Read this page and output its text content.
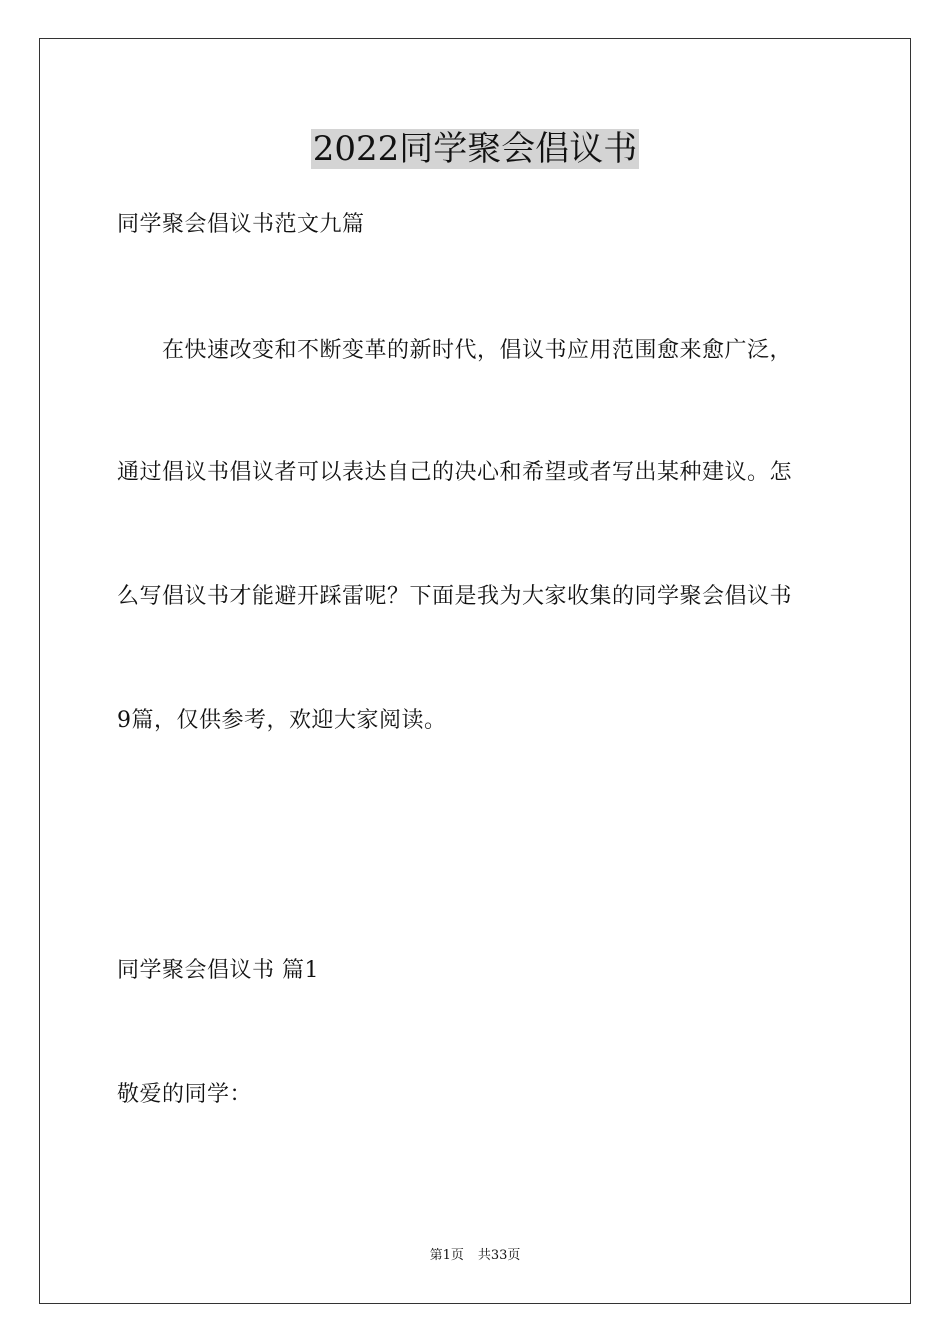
2022同学聚会倡议书
同学聚会倡议书范文九篇
　　在快速改变和不断变革的新时代，倡议书应用范围愈来愈广泛，
通过倡议书倡议者可以表达自己的决心和希望或者写出某种建议。怎
么写倡议书才能避开踩雷呢？下面是我为大家收集的同学聚会倡议书
9篇，仅供参考，欢迎大家阅读。
同学聚会倡议书 篇1
敬爱的同学：
第1页 共33页
